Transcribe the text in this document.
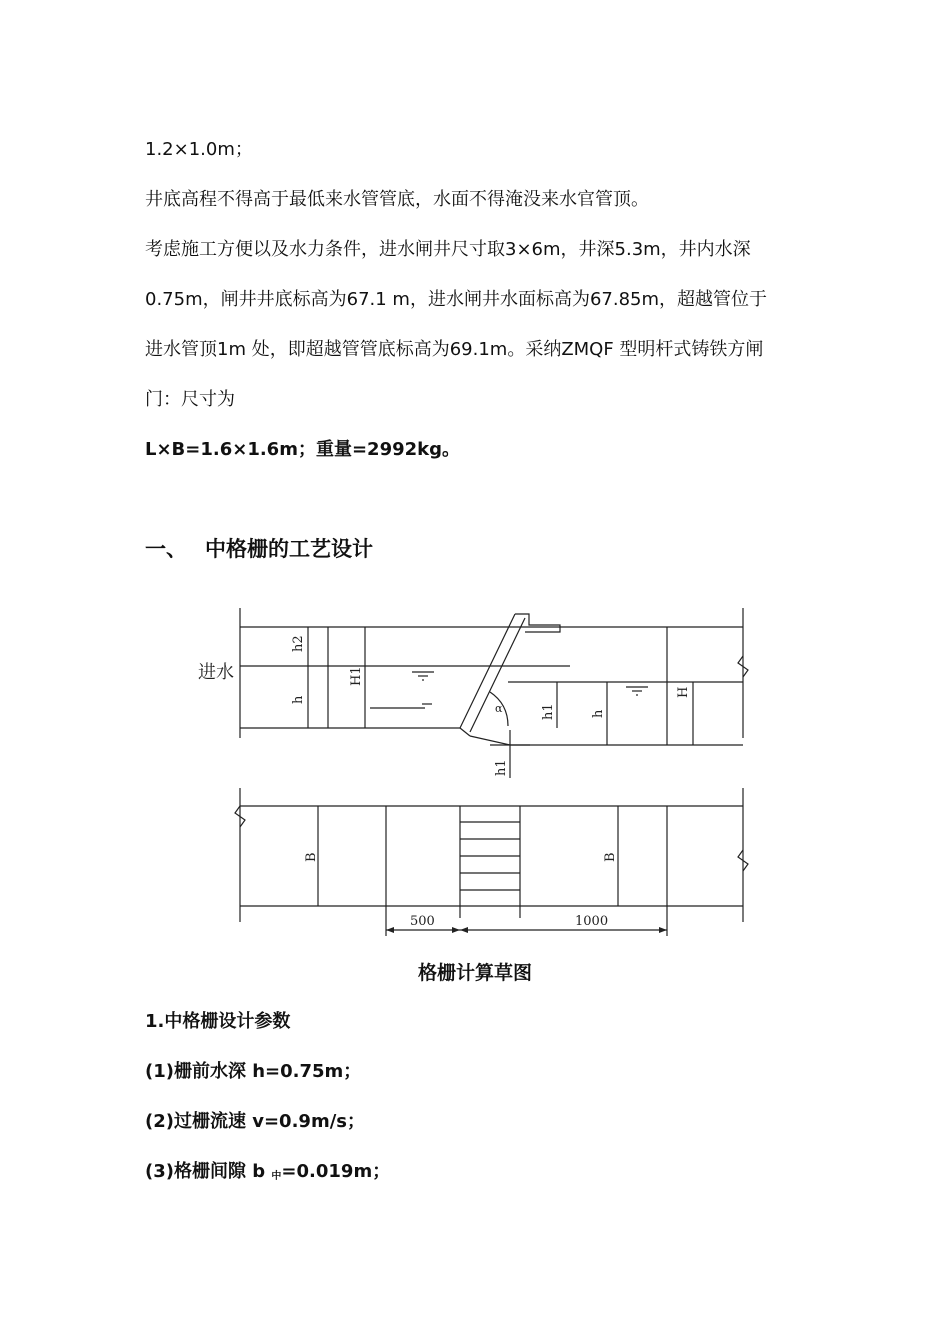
1.2×1.0m；
井底高程不得高于最低来水管管底，水面不得淹没来水官管顶。
考虑施工方便以及水力条件，进水闸井尺寸取3×6m，井深5.3m，井内水深
0.75m，闸井井底标高为67.1 m，进水闸井水面标高为67.85m，超越管位于
进水管顶1m 处，即超越管管底标高为69.1m。采纳ZMQF 型明杆式铸铁方闸
门：尺寸为
L×B=1.6×1.6m；重量=2992kg。
一、 中格栅的工艺设计
进水
h2
h
H1
h1	h
H
h1
α
B	B
500	1000
格栅计算草图
1.中格栅设计参数
(1)栅前水深 h=0.75m；
(2)过栅流速 v=0.9m/s；
(3)格栅间隙 b $_中$=0.019m；
